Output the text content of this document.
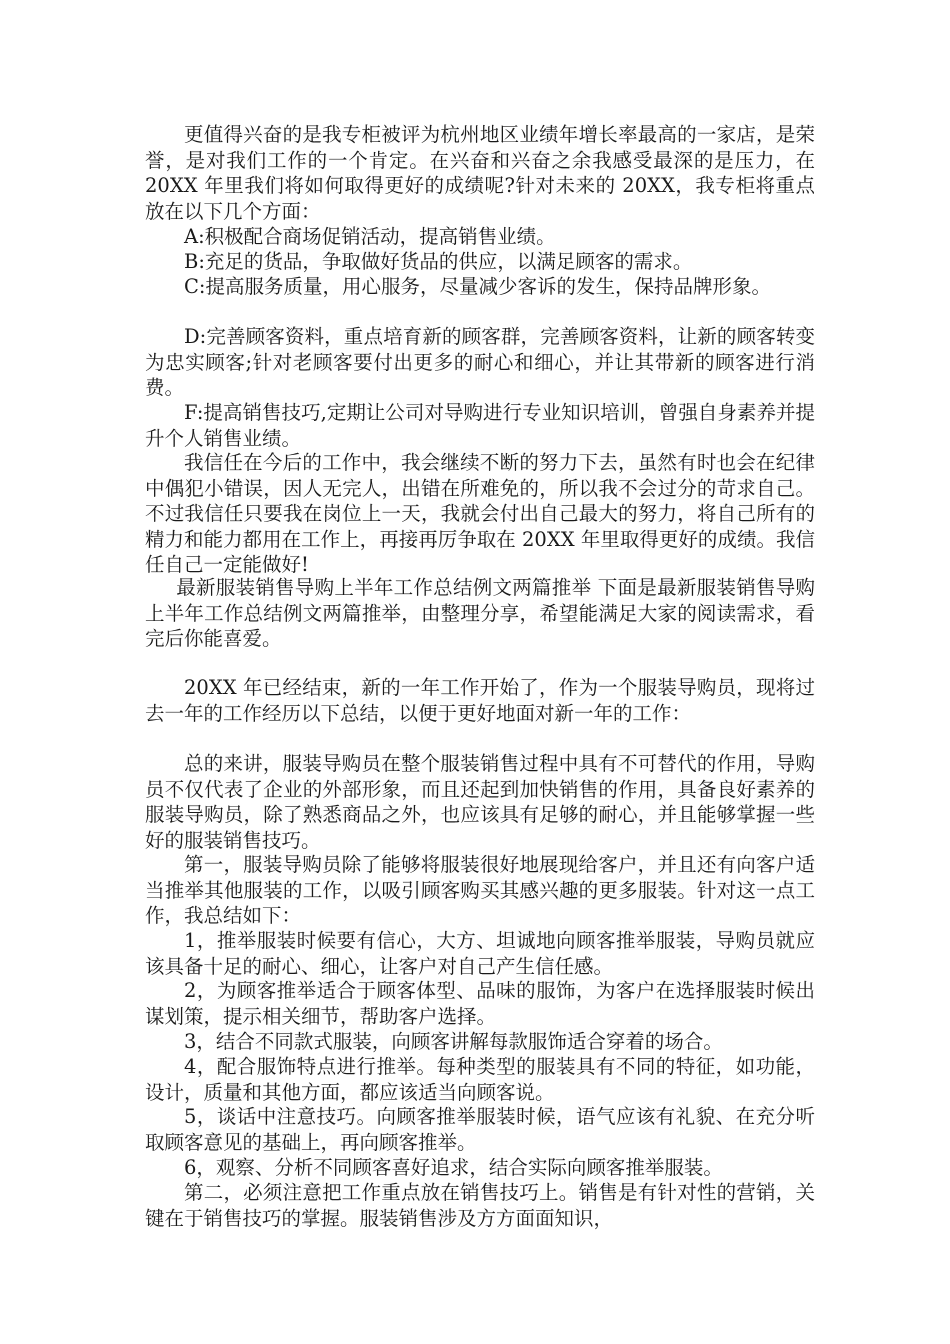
更值得兴奋的是我专柜被评为杭州地区业绩年增长率最高的一家店，是荣誉，是对我们工作的一个肯定。在兴奋和兴奋之余我感受最深的是压力，在 20XX 年里我们将如何取得更好的成绩呢?针对未来的 20XX，我专柜将重点放在以下几个方面：

A:积极配合商场促销活动，提高销售业绩。

B:充足的货品，争取做好货品的供应，以满足顾客的需求。

C:提高服务质量，用心服务，尽量减少客诉的发生，保持品牌形象。

D:完善顾客资料，重点培育新的顾客群，完善顾客资料，让新的顾客转变为忠实顾客;针对老顾客要付出更多的耐心和细心，并让其带新的顾客进行消费。

F:提高销售技巧,定期让公司对导购进行专业知识培训，曾强自身素养并提升个人销售业绩。

我信任在今后的工作中，我会继续不断的努力下去，虽然有时也会在纪律中偶犯小错误，因人无完人，出错在所难免的，所以我不会过分的苛求自己。不过我信任只要我在岗位上一天，我就会付出自己最大的努力，将自己所有的精力和能力都用在工作上，再接再厉争取在 20XX 年里取得更好的成绩。我信任自己一定能做好!

最新服装销售导购上半年工作总结例文两篇推举 下面是最新服装销售导购上半年工作总结例文两篇推举，由整理分享，希望能满足大家的阅读需求，看完后你能喜爱。

20XX 年已经结束，新的一年工作开始了，作为一个服装导购员，现将过去一年的工作经历以下总结，以便于更好地面对新一年的工作：

总的来讲，服装导购员在整个服装销售过程中具有不可替代的作用，导购员不仅代表了企业的外部形象，而且还起到加快销售的作用，具备良好素养的服装导购员，除了熟悉商品之外，也应该具有足够的耐心，并且能够掌握一些好的服装销售技巧。

第一，服装导购员除了能够将服装很好地展现给客户，并且还有向客户适当推举其他服装的工作，以吸引顾客购买其感兴趣的更多服装。针对这一点工作，我总结如下：

1，推举服装时候要有信心，大方、坦诚地向顾客推举服装，导购员就应该具备十足的耐心、细心，让客户对自己产生信任感。

2，为顾客推举适合于顾客体型、品味的服饰，为客户在选择服装时候出谋划策，提示相关细节，帮助客户选择。

3，结合不同款式服装，向顾客讲解每款服饰适合穿着的场合。

4，配合服饰特点进行推举。每种类型的服装具有不同的特征，如功能，设计，质量和其他方面，都应该适当向顾客说。

5，谈话中注意技巧。向顾客推举服装时候，语气应该有礼貌、在充分听取顾客意见的基础上，再向顾客推举。

6，观察、分析不同顾客喜好追求，结合实际向顾客推举服装。

第二，必须注意把工作重点放在销售技巧上。销售是有针对性的营销，关键在于销售技巧的掌握。服装销售涉及方方面面知识，
